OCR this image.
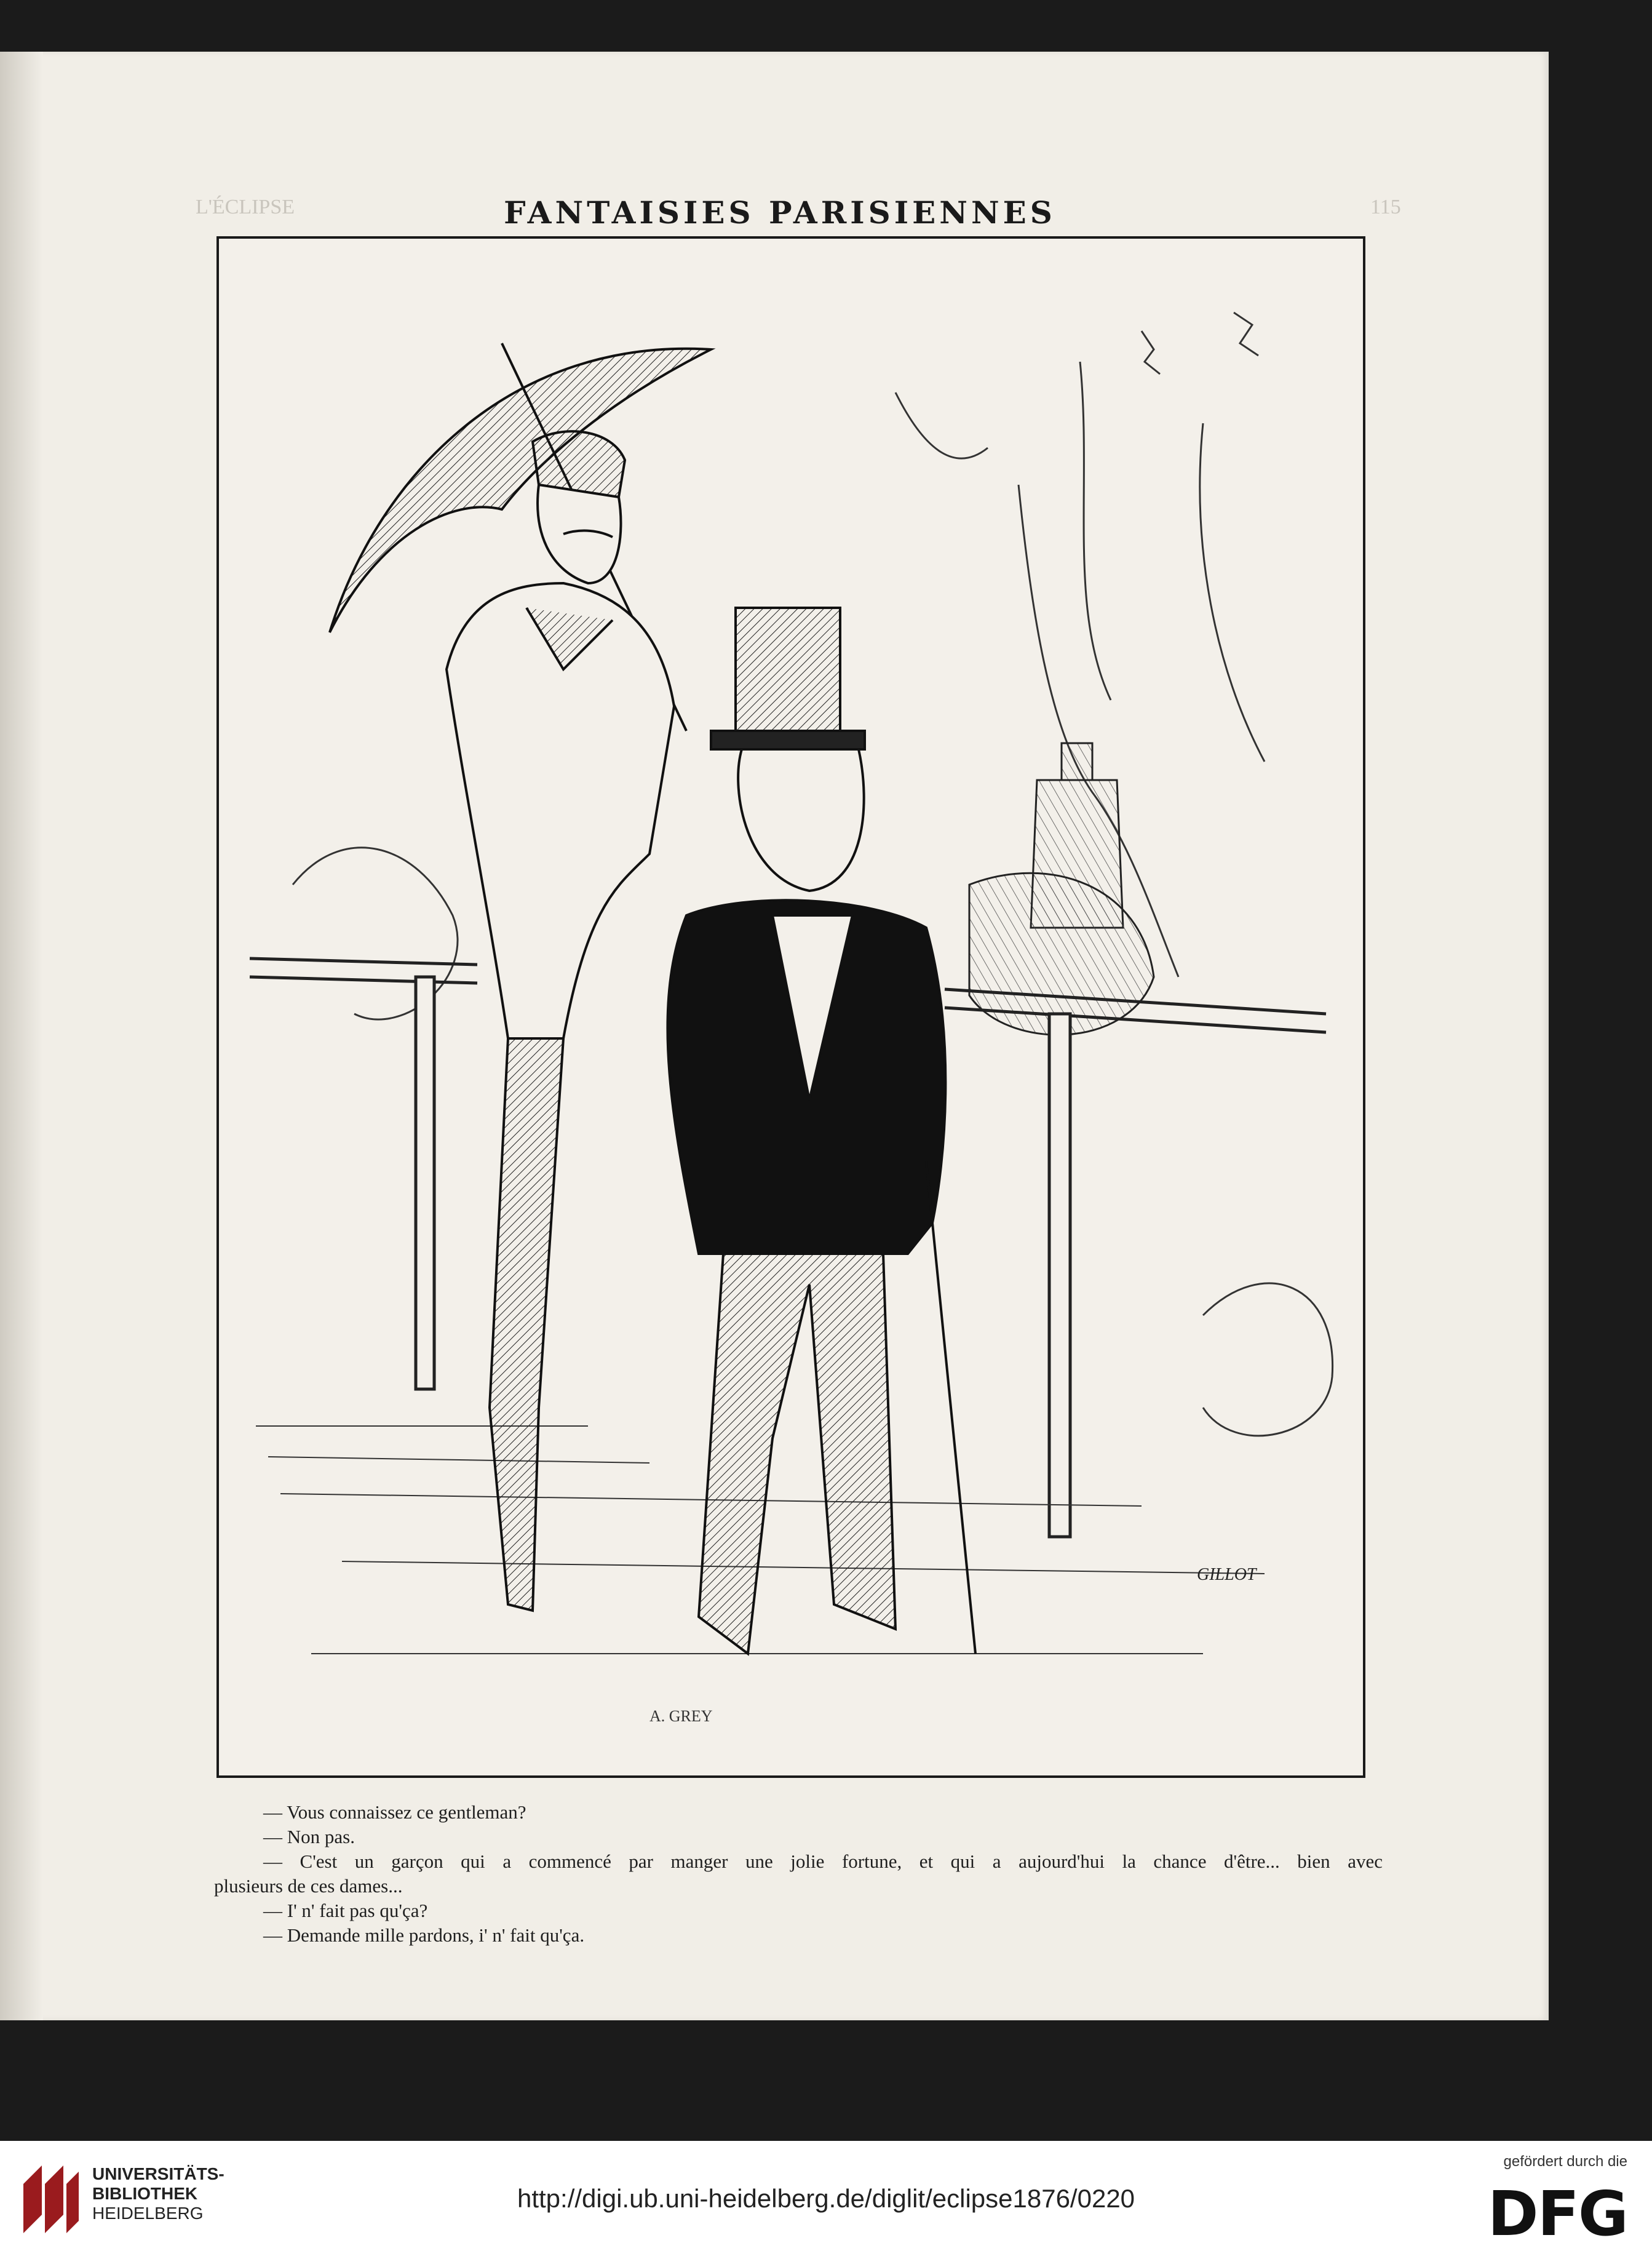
L'ÉCLIPSE	115
FANTAISIES PARISIENNES
GILLOT
A. GREY
— Vous connaissez ce gentleman?
— Non pas.
— C'est un garçon qui a commencé par manger une jolie fortune, et qui a aujourd'hui la chance d'être... bien avec
plusieurs de ces dames...
— I' n' fait pas qu'ça?
— Demande mille pardons, i' n' fait qu'ça.
UNIVERSITÄTS-
BIBLIOTHEK
HEIDELBERG
http://digi.ub.uni-heidelberg.de/diglit/eclipse1876/0220
gefördert durch die
DFG
